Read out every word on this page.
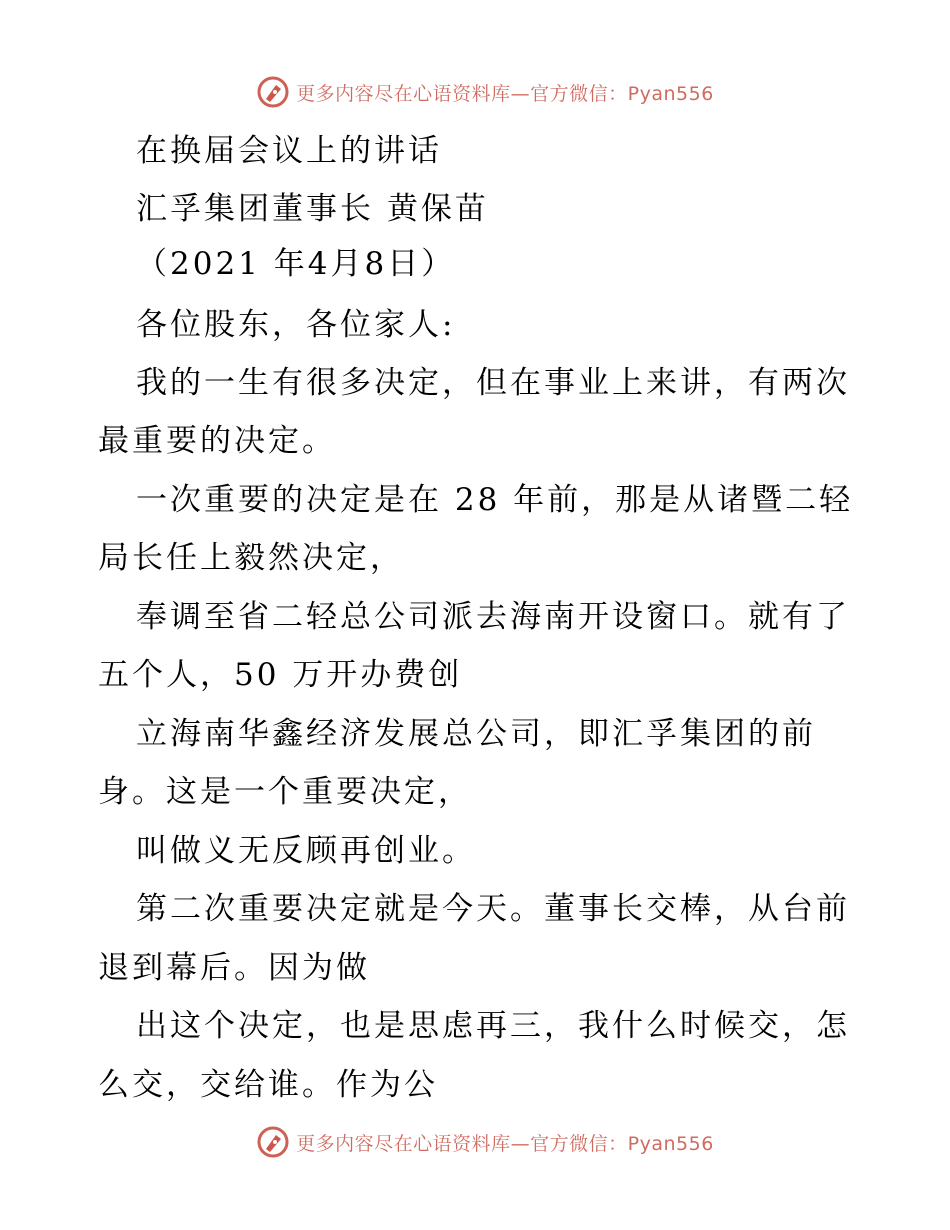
更多内容尽在心语资料库—官方微信：Pyan556
在换届会议上的讲话
汇孚集团董事长 黄保苗
（2021 年4月8日）
各位股东，各位家人:
我的一生有很多决定，但在事业上来讲，有两次
最重要的决定。
一次重要的决定是在 28 年前，那是从诸暨二轻
局长任上毅然决定，
奉调至省二轻总公司派去海南开设窗口。就有了
五个人，50 万开办费创
立海南华鑫经济发展总公司，即汇孚集团的前
身。这是一个重要决定，
叫做义无反顾再创业。
第二次重要决定就是今天。董事长交棒，从台前
退到幕后。因为做
出这个决定，也是思虑再三，我什么时候交，怎
么交，交给谁。作为公
更多内容尽在心语资料库—官方微信：Pyan556
